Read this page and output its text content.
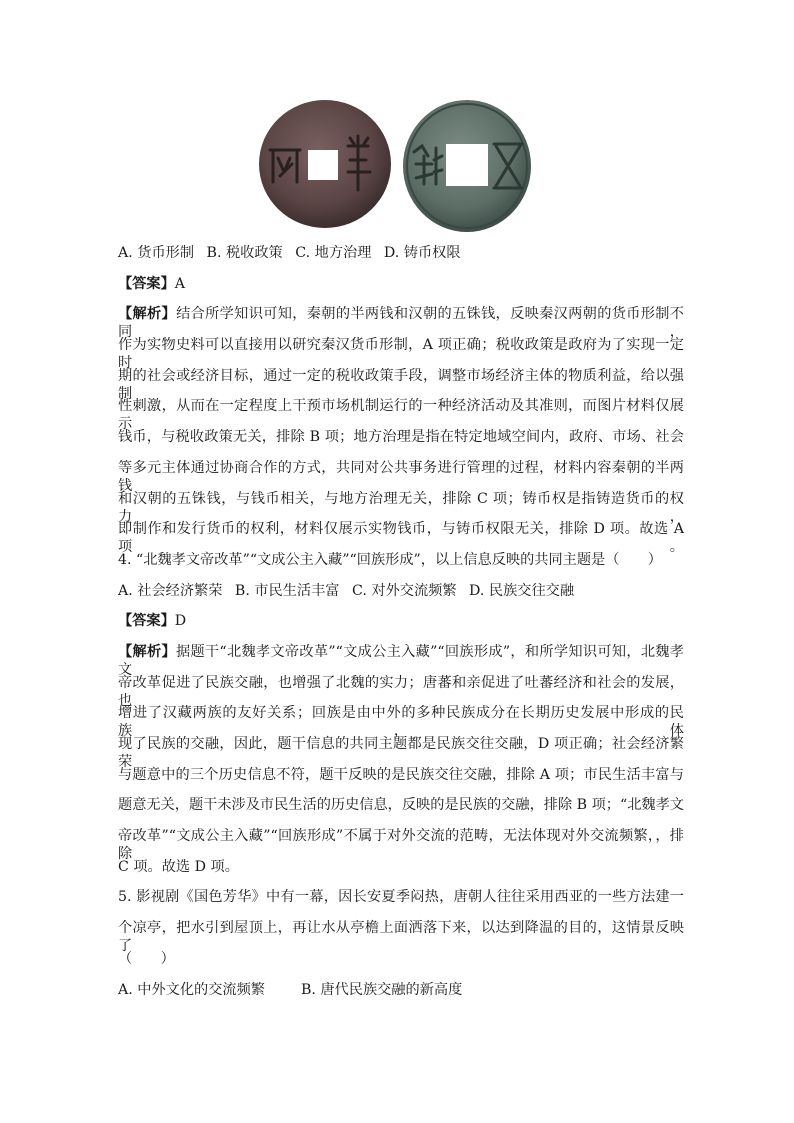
A. 货币形制 B. 税收政策 C. 地方治理 D. 铸币权限
【答案】A
【解析】结合所学知识可知，秦朝的半两钱和汉朝的五铢钱，反映秦汉两朝的货币形制不同，
作为实物史料可以直接用以研究秦汉货币形制，A 项正确；税收政策是政府为了实现一定时
期的社会或经济目标，通过一定的税收政策手段，调整市场经济主体的物质利益，给以强制
性刺激，从而在一定程度上干预市场机制运行的一种经济活动及其准则，而图片材料仅展示
钱币，与税收政策无关，排除 B 项；地方治理是指在特定地域空间内，政府、市场、社会
等多元主体通过协商合作的方式，共同对公共事务进行管理的过程，材料内容秦朝的半两钱
和汉朝的五铢钱，与钱币相关，与地方治理无关，排除 C 项；铸币权是指铸造货币的权力，
即制作和发行货币的权利，材料仅展示实物钱币，与铸币权限无关，排除 D 项。故选 A 项。
4. “北魏孝文帝改革”“文成公主入藏”“回族形成”，以上信息反映的共同主题是（　　）
A. 社会经济繁荣 B. 市民生活丰富 C. 对外交流频繁 D. 民族交往交融
【答案】D
【解析】据题干“北魏孝文帝改革”“文成公主入藏”“回族形成”，和所学知识可知，北魏孝文
帝改革促进了民族交融，也增强了北魏的实力；唐蕃和亲促进了吐蕃经济和社会的发展，也
增进了汉藏两族的友好关系；回族是由中外的多种民族成分在长期历史发展中形成的民族，体
现了民族的交融，因此，题干信息的共同主题都是民族交往交融，D 项正确；社会经济繁荣
与题意中的三个历史信息不符，题干反映的是民族交往交融，排除 A 项；市民生活丰富与
题意无关，题干未涉及市民生活的历史信息，反映的是民族的交融，排除 B 项；“北魏孝文
帝改革”“文成公主入藏”“回族形成”不属于对外交流的范畴，无法体现对外交流频繁，，排除
C 项。故选 D 项。
5. 影视剧《国色芳华》中有一幕，因长安夏季闷热，唐朝人往往采用西亚的一些方法建一
个凉亭，把水引到屋顶上，再让水从亭檐上面洒落下来，以达到降温的目的，这情景反映了
（　　）
A. 中外文化的交流频繁	B. 唐代民族交融的新高度
